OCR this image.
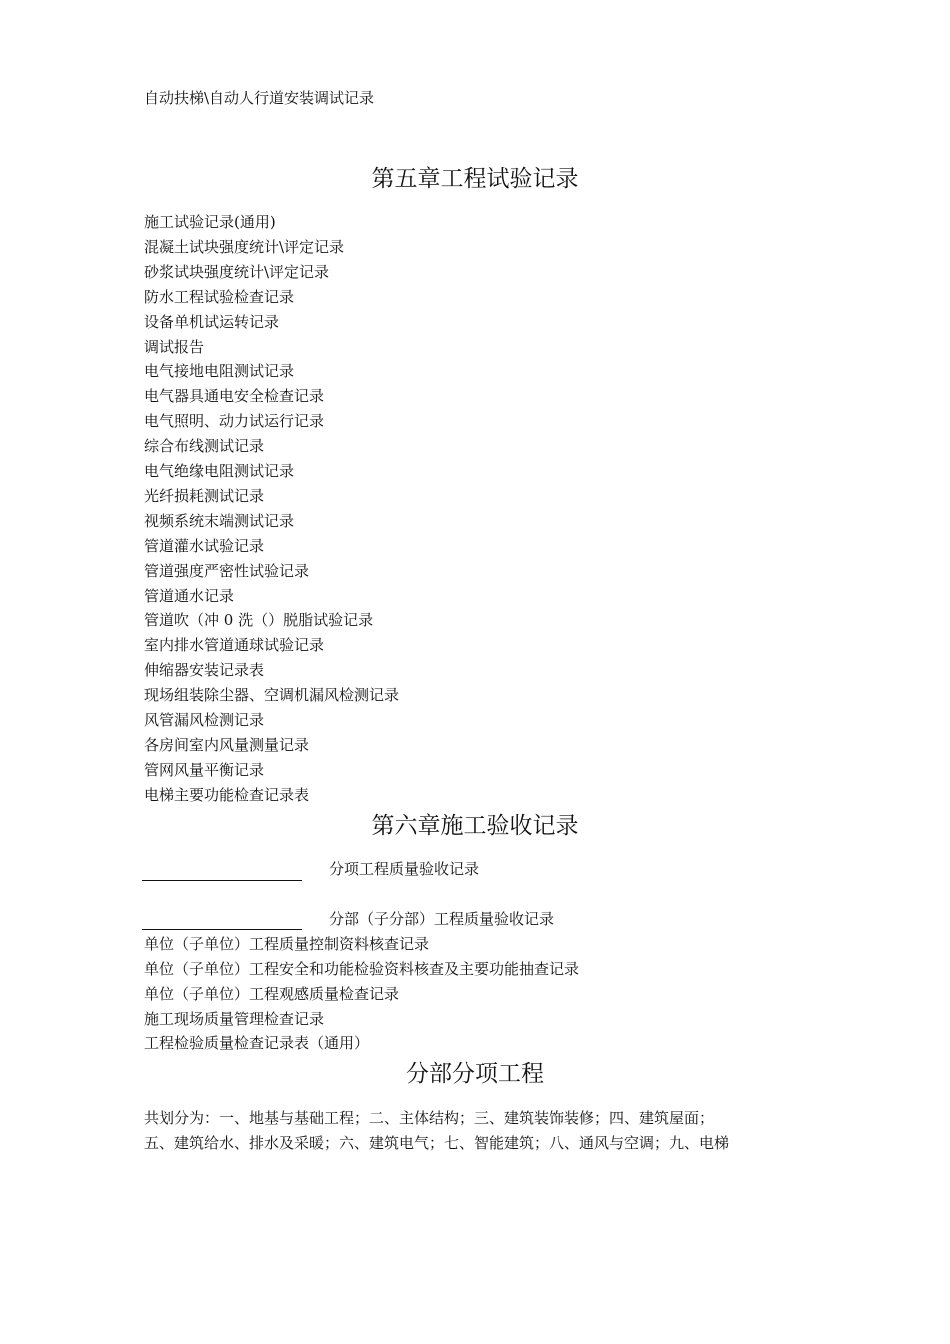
自动扶梯\自动人行道安装调试记录
第五章工程试验记录
施工试验记录(通用)
混凝土试块强度统计\评定记录
砂浆试块强度统计\评定记录
防水工程试验检查记录
设备单机试运转记录
调试报告
电气接地电阻测试记录
电气器具通电安全检查记录
电气照明、动力试运行记录
综合布线测试记录
电气绝缘电阻测试记录
光纤损耗测试记录
视频系统末端测试记录
管道灌水试验记录
管道强度严密性试验记录
管道通水记录
管道吹（冲 0 洗（）脱脂试验记录
室内排水管道通球试验记录
伸缩器安装记录表
现场组装除尘器、空调机漏风检测记录
风管漏风检测记录
各房间室内风量测量记录
管网风量平衡记录
电梯主要功能检查记录表
第六章施工验收记录
分项工程质量验收记录
分部（子分部）工程质量验收记录
单位（子单位）工程质量控制资料核查记录
单位（子单位）工程安全和功能检验资料核查及主要功能抽查记录
单位（子单位）工程观感质量检查记录
施工现场质量管理检查记录
工程检验质量检查记录表（通用）
分部分项工程
共划分为：一、地基与基础工程；二、主体结构；三、建筑装饰装修；四、建筑屋面；
五、建筑给水、排水及采暖；六、建筑电气；七、智能建筑；八、通风与空调；九、电梯
